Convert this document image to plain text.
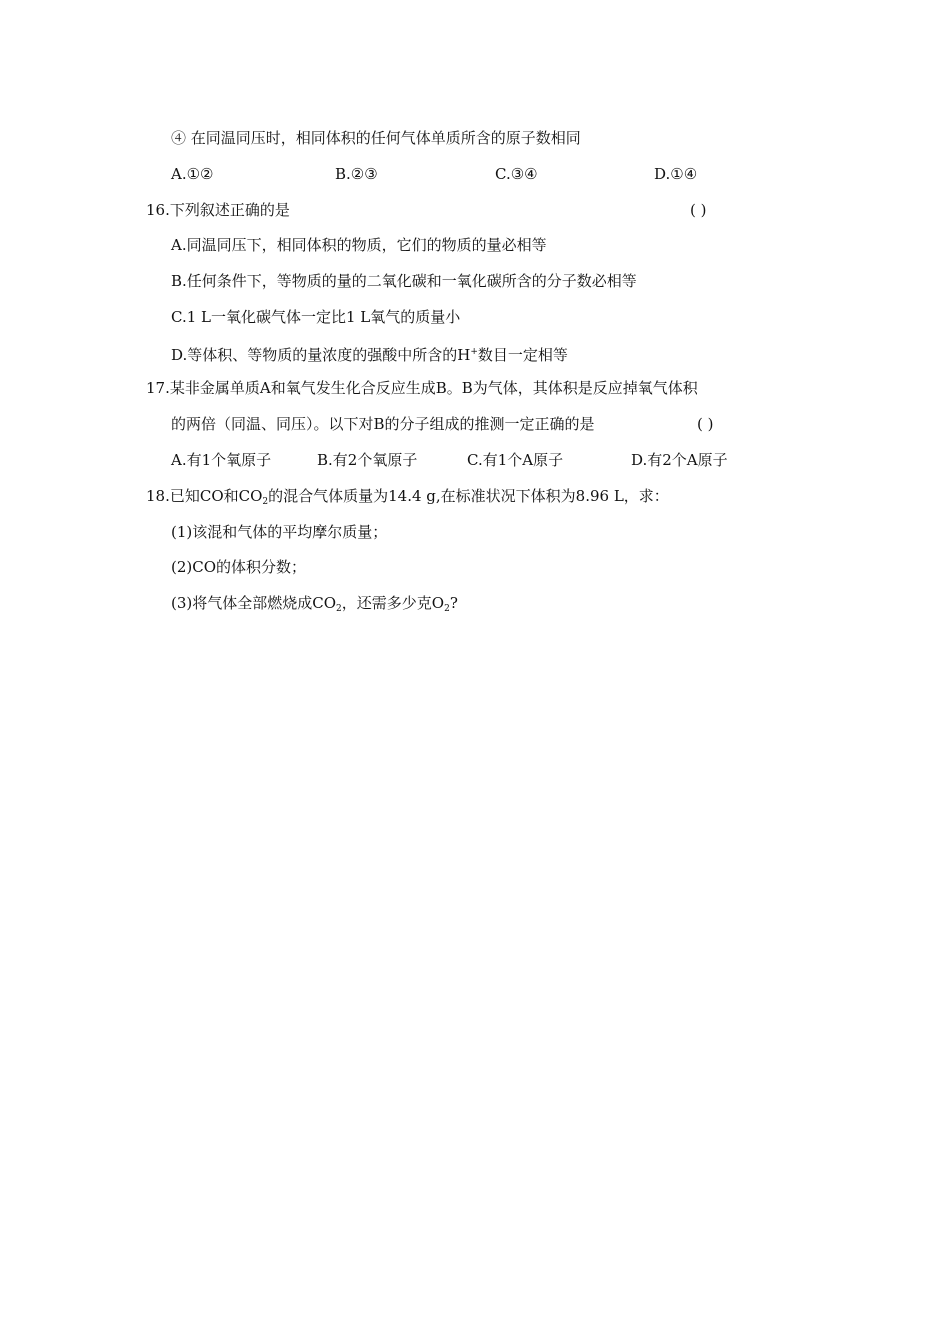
④ 在同温同压时，相同体积的任何气体单质所含的原子数相同
A.①②	B.②③	C.③④	D.①④
16.下列叙述正确的是	( )
A.同温同压下，相同体积的物质，它们的物质的量必相等
B.任何条件下，等物质的量的二氧化碳和一氧化碳所含的分子数必相等
C.1 L一氧化碳气体一定比1 L氧气的质量小
D.等体积、等物质的量浓度的强酸中所含的H+数目一定相等
17.某非金属单质A和氧气发生化合反应生成B。B为气体，其体积是反应掉氧气体积
的两倍（同温、同压）。以下对B的分子组成的推测一定正确的是	( )
A.有1个氧原子	B.有2个氧原子	C.有1个A原子	D.有2个A原子
18.已知CO和$CO_2$的混合气体质量为14.4 g,在标准状况下体积为8.96 L，求：
(1)该混和气体的平均摩尔质量；
(2)CO的体积分数；
(3)将气体全部燃烧成$CO_2$，还需多少克$O_2$?
